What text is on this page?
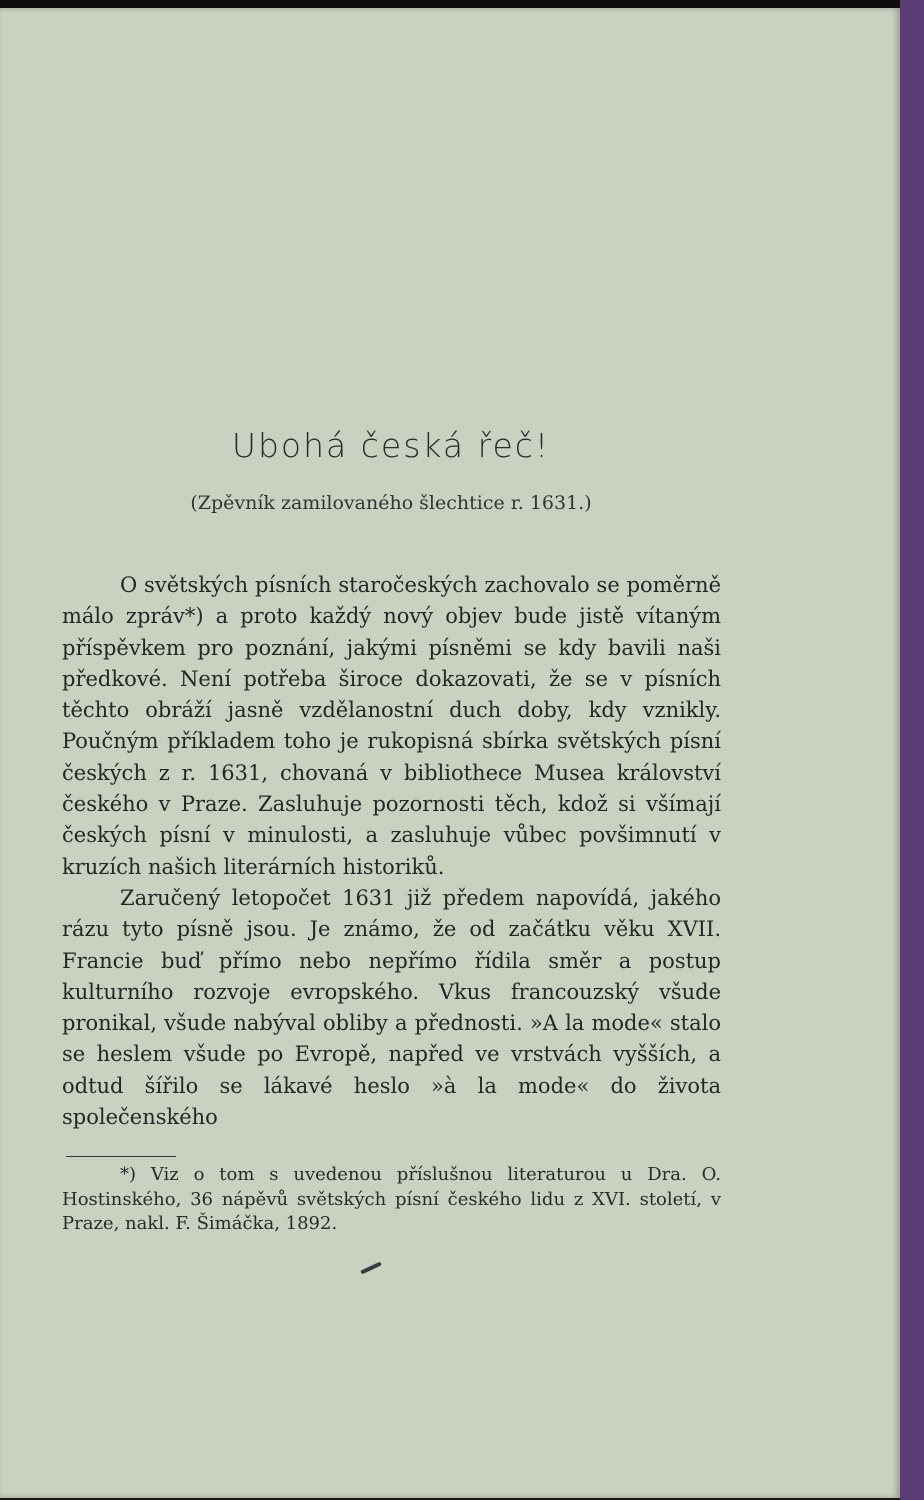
Ubohá česká řeč!
(Zpěvník zamilovaného šlechtice r. 1631.)

O světských písních staročeských zachovalo se poměrně málo zpráv*) a proto každý nový objev bude jistě vítaným příspěvkem pro poznání, jakými písněmi se kdy bavili naši předkové. Není potřeba široce dokazovati, že se v písních těchto obráží jasně vzdělanostní duch doby, kdy vznikly. Poučným příkladem toho je rukopisná sbírka světských písní českých z r. 1631, chovaná v bibliothece Musea království českého v Praze. Zasluhuje pozornosti těch, kdož si všímají českých písní v minulosti, a zasluhuje vůbec povšimnutí v kruzích našich literárních historiků.

Zaručený letopočet 1631 již předem napovídá, jakého rázu tyto písně jsou. Je známo, že od začátku věku XVII. Francie buď přímo nebo nepřímo řídila směr a postup kulturního rozvoje evropského. Vkus francouzský všude pronikal, všude nabýval obliby a přednosti. »A la mode« stalo se heslem všude po Evropě, napřed ve vrstvách vyšších, a odtud šířilo se lákavé heslo »à la mode« do života společenského

*) Viz o tom s uvedenou příslušnou literaturou u Dra. O. Hostinského, 36 nápěvů světských písní českého lidu z XVI. století, v Praze, nakl. F. Šimáčka, 1892.
